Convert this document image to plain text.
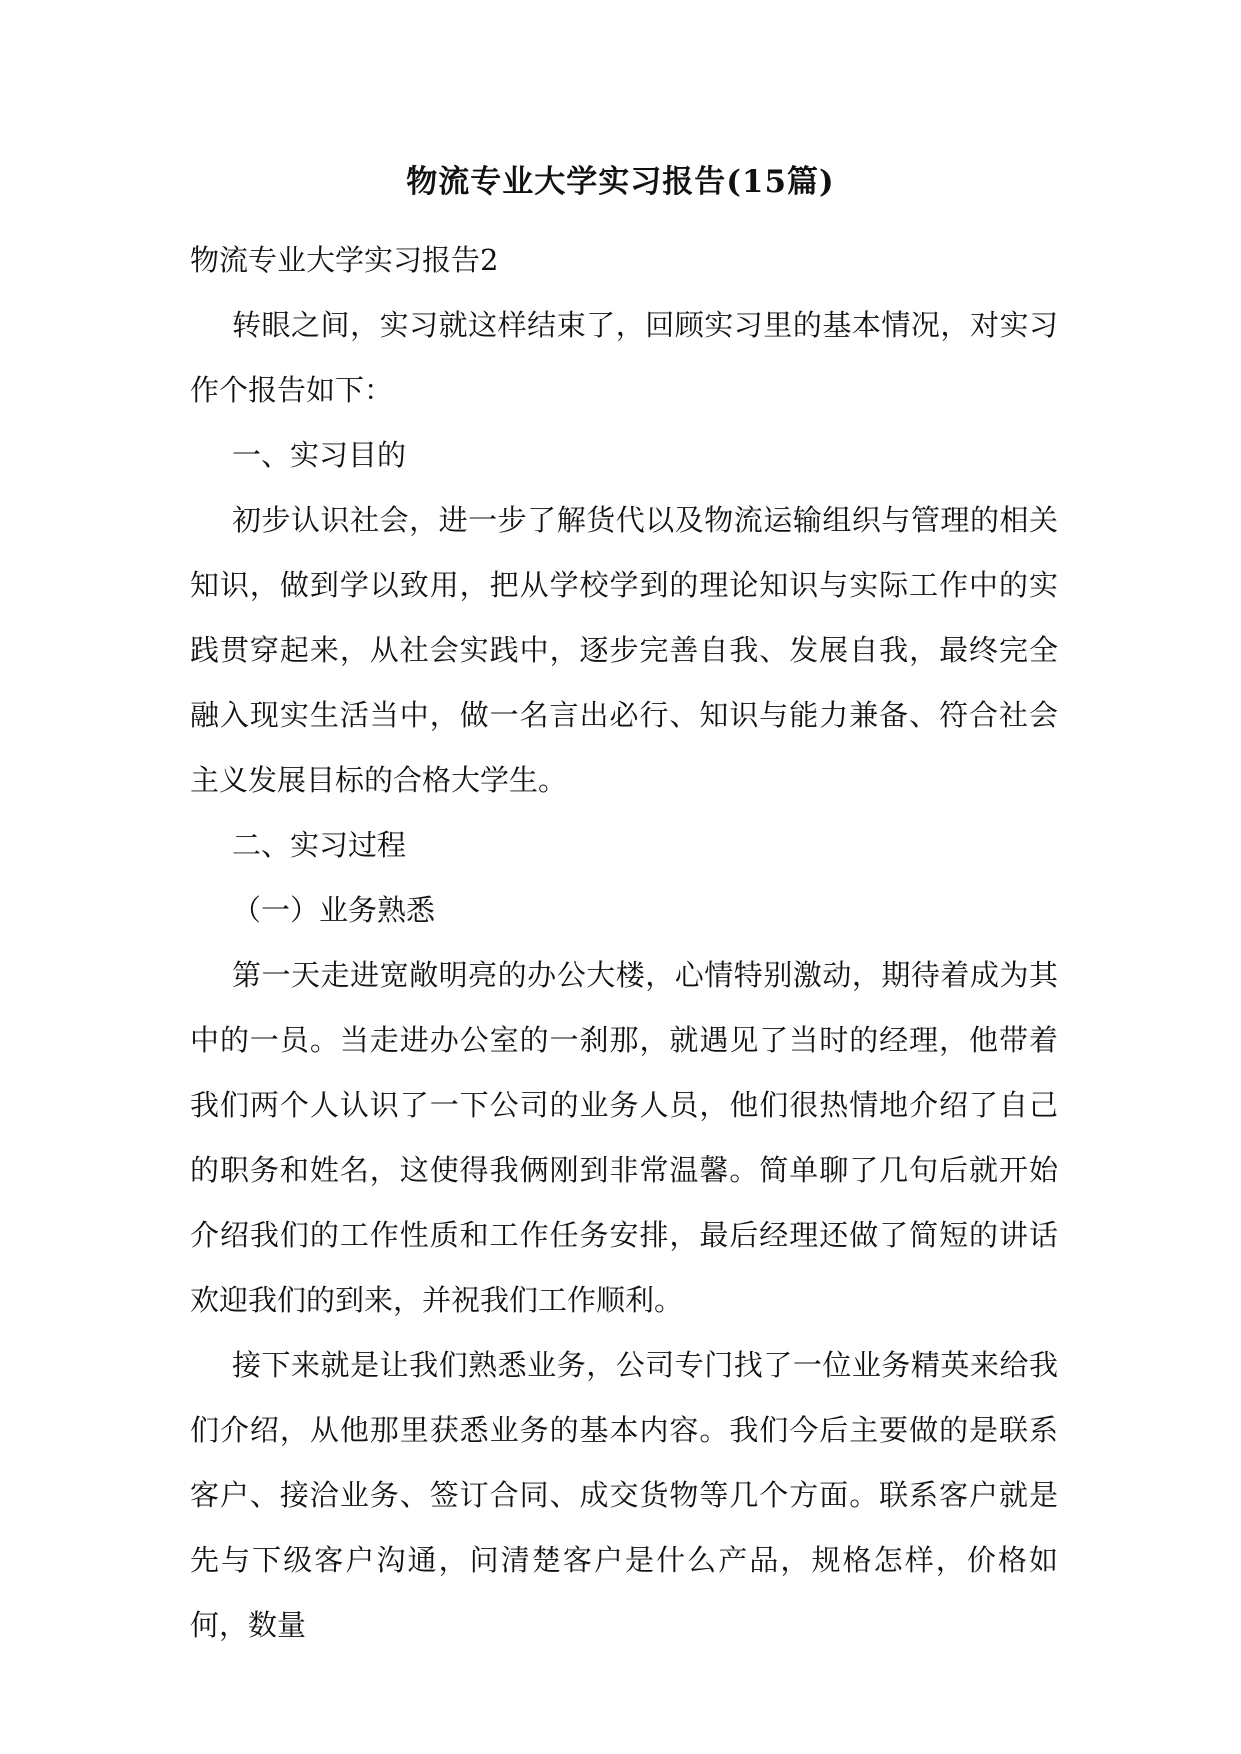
物流专业大学实习报告(15篇)

物流专业大学实习报告2

转眼之间，实习就这样结束了，回顾实习里的基本情况，对实习作个报告如下：

一、实习目的

初步认识社会，进一步了解货代以及物流运输组织与管理的相关知识，做到学以致用，把从学校学到的理论知识与实际工作中的实践贯穿起来，从社会实践中，逐步完善自我、发展自我，最终完全融入现实生活当中，做一名言出必行、知识与能力兼备、符合社会主义发展目标的合格大学生。

二、实习过程

（一）业务熟悉

第一天走进宽敞明亮的办公大楼，心情特别激动，期待着成为其中的一员。当走进办公室的一刹那，就遇见了当时的经理，他带着我们两个人认识了一下公司的业务人员，他们很热情地介绍了自己的职务和姓名，这使得我俩刚到非常温馨。简单聊了几句后就开始介绍我们的工作性质和工作任务安排，最后经理还做了简短的讲话欢迎我们的到来，并祝我们工作顺利。

接下来就是让我们熟悉业务，公司专门找了一位业务精英来给我们介绍，从他那里获悉业务的基本内容。我们今后主要做的是联系客户、接洽业务、签订合同、成交货物等几个方面。联系客户就是先与下级客户沟通，问清楚客户是什么产品，规格怎样，价格如何，数量
